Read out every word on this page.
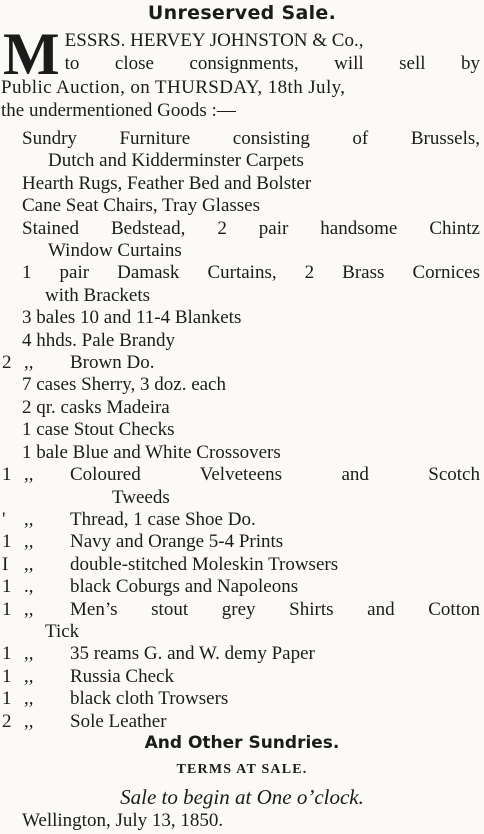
Unreserved Sale.
M ESSRS. HERVEY JOHNSTON & Co.,
to close consignments, will sell by
Public Auction, on THURSDAY, 18th July,
the undermentioned Goods :—
Sundry Furniture consisting of Brussels,
Dutch and Kidderminster Carpets
Hearth Rugs, Feather Bed and Bolster
Cane Seat Chairs, Tray Glasses
Stained Bedstead, 2 pair handsome Chintz
Window Curtains
1 pair Damask Curtains, 2 Brass Cornices
with Brackets
3 bales 10 and 11-4 Blankets
4 hhds. Pale Brandy
2 ,,	Brown Do.
7 cases Sherry, 3 doz. each
2 qr. casks Madeira
1 case Stout Checks
1 bale Blue and White Crossovers
1 ,,	Coloured Velveteens and Scotch
Tweeds
' ,,	Thread, 1 case Shoe Do.
1 ,,	Navy and Orange 5-4 Prints
I ,,	double-stitched Moleskin Trowsers
1 .,	black Coburgs and Napoleons
1 ,,	Men’s stout grey Shirts and Cotton
Tick
1 ,,	35 reams G. and W. demy Paper
1 ,,	Russia Check
1 ,,	black cloth Trowsers
2 ,,	Sole Leather
And Other Sundries.
TERMS AT SALE.
Sale to begin at One o’clock.
Wellington, July 13, 1850.
